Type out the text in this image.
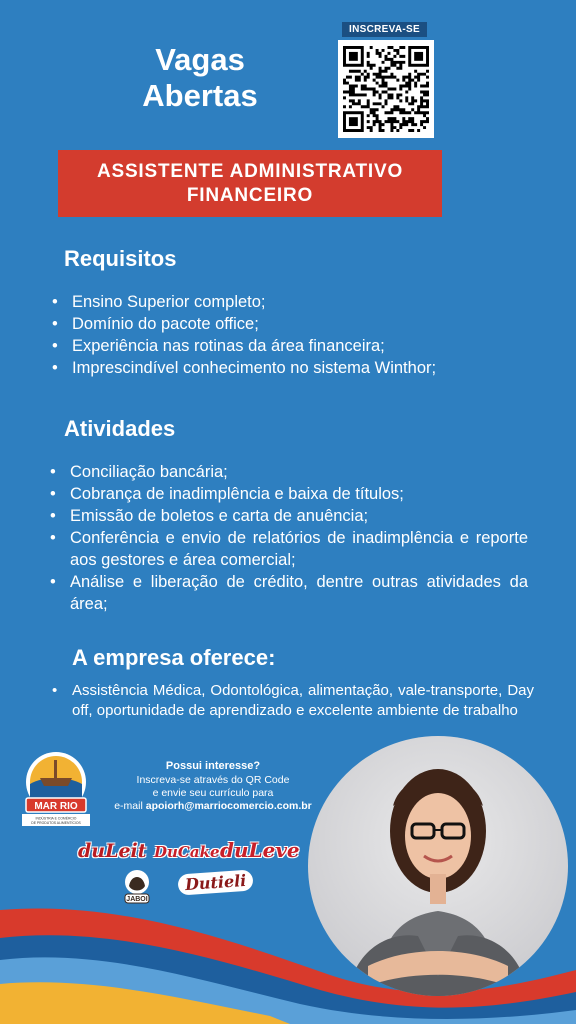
Vagas
Abertas
INSCREVA-SE
ASSISTENTE ADMINISTRATIVO
FINANCEIRO
Requisitos
• Ensino Superior completo;
• Domínio do pacote office;
• Experiência nas rotinas da área financeira;
• Imprescindível conhecimento no sistema Winthor;
Atividades
• Conciliação bancária;
• Cobrança de inadimplência e baixa de títulos;
• Emissão de boletos e carta de anuência;
• Conferência e envio de relatórios de inadimplência e reporte aos gestores e área comercial;
• Análise e liberação de crédito, dentre outras atividades da área;
A empresa oferece:
• Assistência Médica, Odontológica, alimentação, vale-transporte, Day off, oportunidade de aprendizado e excelente ambiente de trabalho
MAR RIO
INDÚSTRIA E COMÉRCIO
DE PRODUTOS ALIMENTÍCIOS
Possui interesse?
Inscreva-se através do QR Code
e envie seu currículo para
e-mail apoiorh@marriocomercio.com.br
duLeit DuCake duLeve
Dutieli
JABOI
